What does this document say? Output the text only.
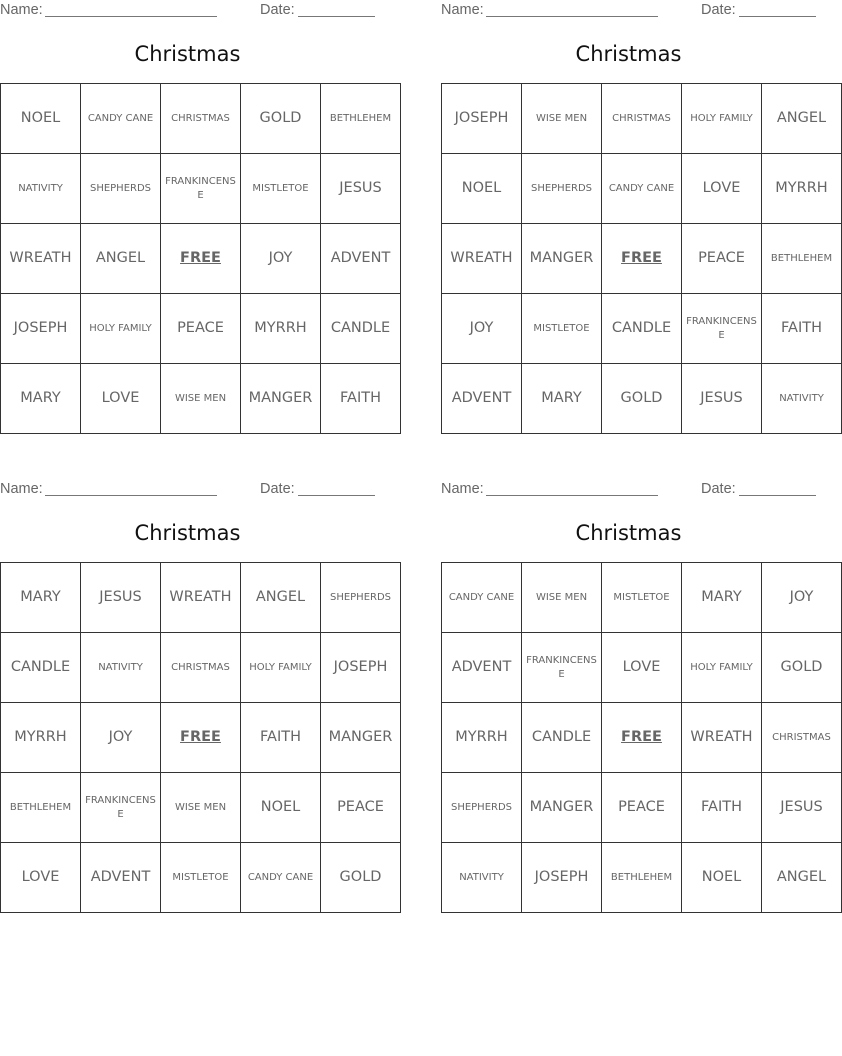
Name:	Date:
Christmas
NOEL	CANDY CANE	CHRISTMAS	GOLD	BETHLEHEM
NATIVITY	SHEPHERDS	FRANKINCENSE	MISTLETOE	JESUS
WREATH	ANGEL	FREE	JOY	ADVENT
JOSEPH	HOLY FAMILY	PEACE	MYRRH	CANDLE
MARY	LOVE	WISE MEN	MANGER	FAITH
Name:	Date:
Christmas
JOSEPH	WISE MEN	CHRISTMAS	HOLY FAMILY	ANGEL
NOEL	SHEPHERDS	CANDY CANE	LOVE	MYRRH
WREATH	MANGER	FREE	PEACE	BETHLEHEM
JOY	MISTLETOE	CANDLE	FRANKINCENSE	FAITH
ADVENT	MARY	GOLD	JESUS	NATIVITY
Name:	Date:
Christmas
MARY	JESUS	WREATH	ANGEL	SHEPHERDS
CANDLE	NATIVITY	CHRISTMAS	HOLY FAMILY	JOSEPH
MYRRH	JOY	FREE	FAITH	MANGER
BETHLEHEM	FRANKINCENSE	WISE MEN	NOEL	PEACE
LOVE	ADVENT	MISTLETOE	CANDY CANE	GOLD
Name:	Date:
Christmas
CANDY CANE	WISE MEN	MISTLETOE	MARY	JOY
ADVENT	FRANKINCENSE	LOVE	HOLY FAMILY	GOLD
MYRRH	CANDLE	FREE	WREATH	CHRISTMAS
SHEPHERDS	MANGER	PEACE	FAITH	JESUS
NATIVITY	JOSEPH	BETHLEHEM	NOEL	ANGEL
